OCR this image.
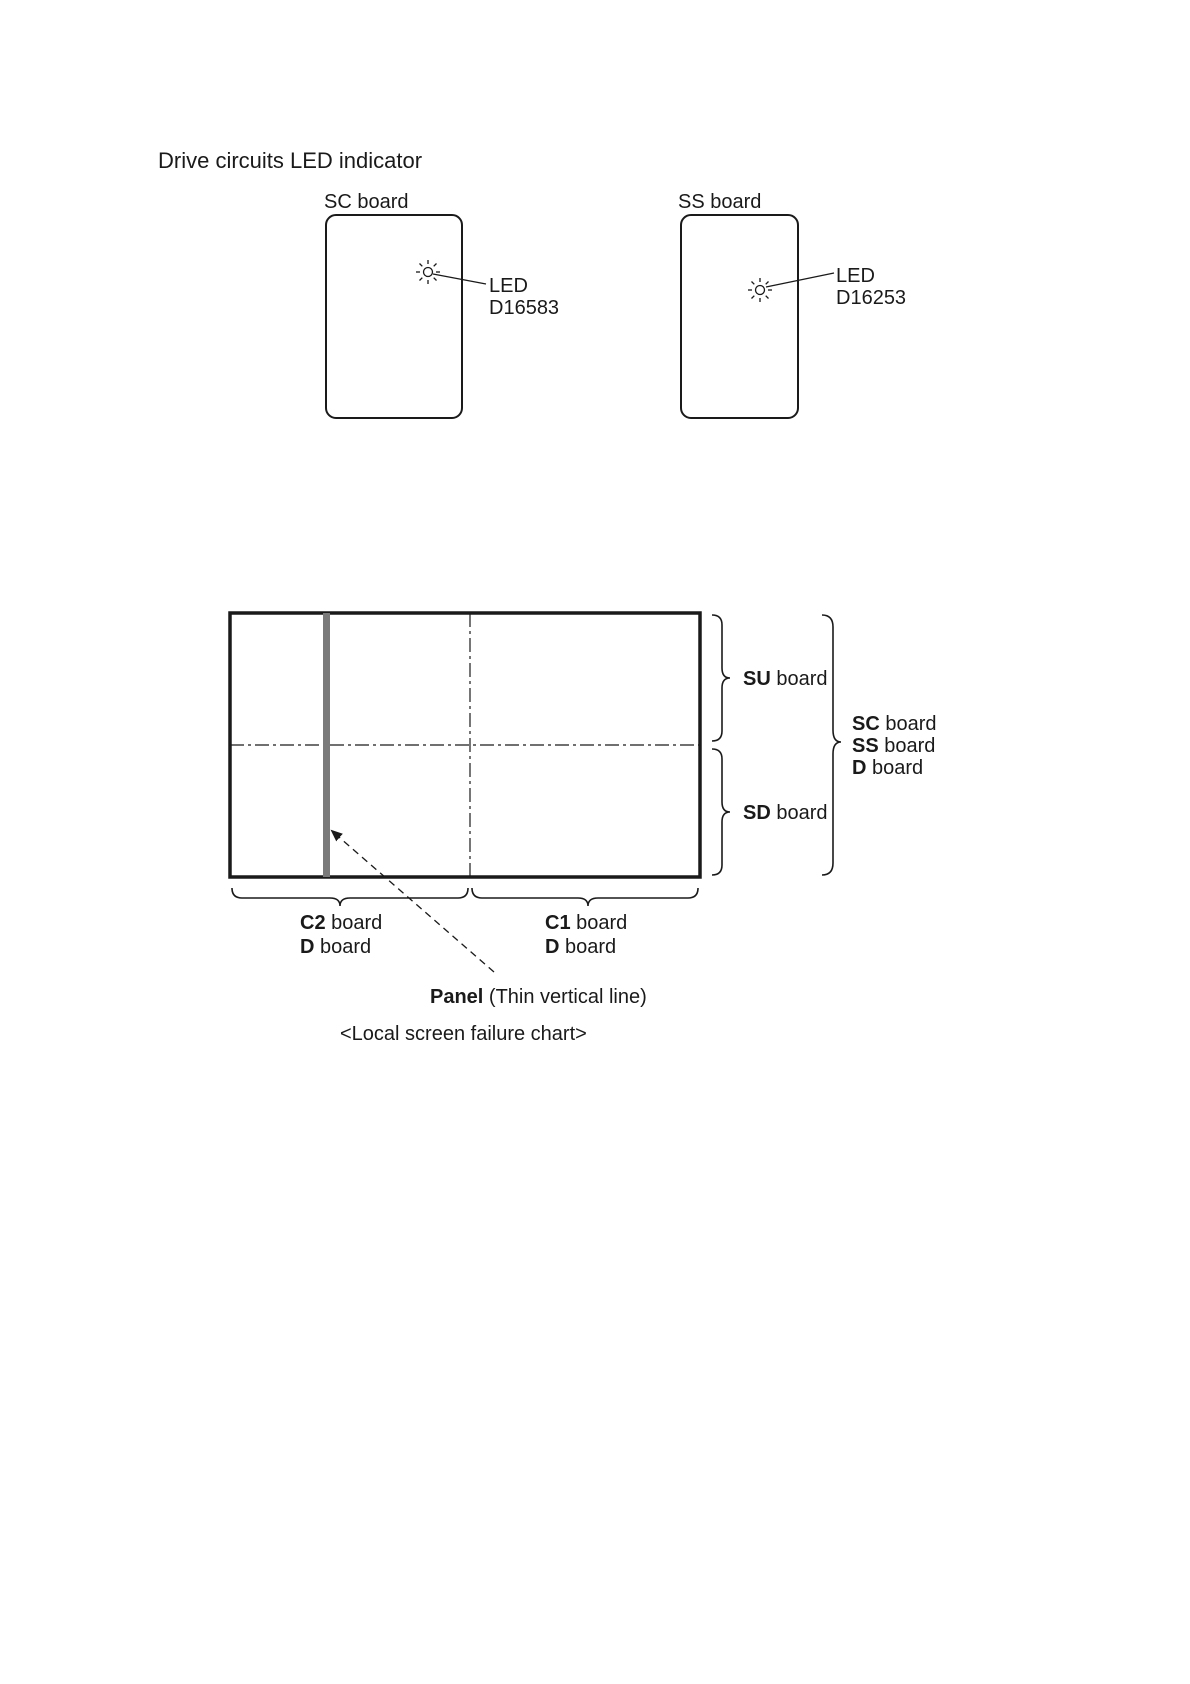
Drive circuits LED indicator
SC board
LED
D16583
SS board
LED
D16253
SU board
SD board
SC board
SS board
D board
C2 board
D board
C1 board
D board
Panel (Thin vertical line)
<Local screen failure chart>
